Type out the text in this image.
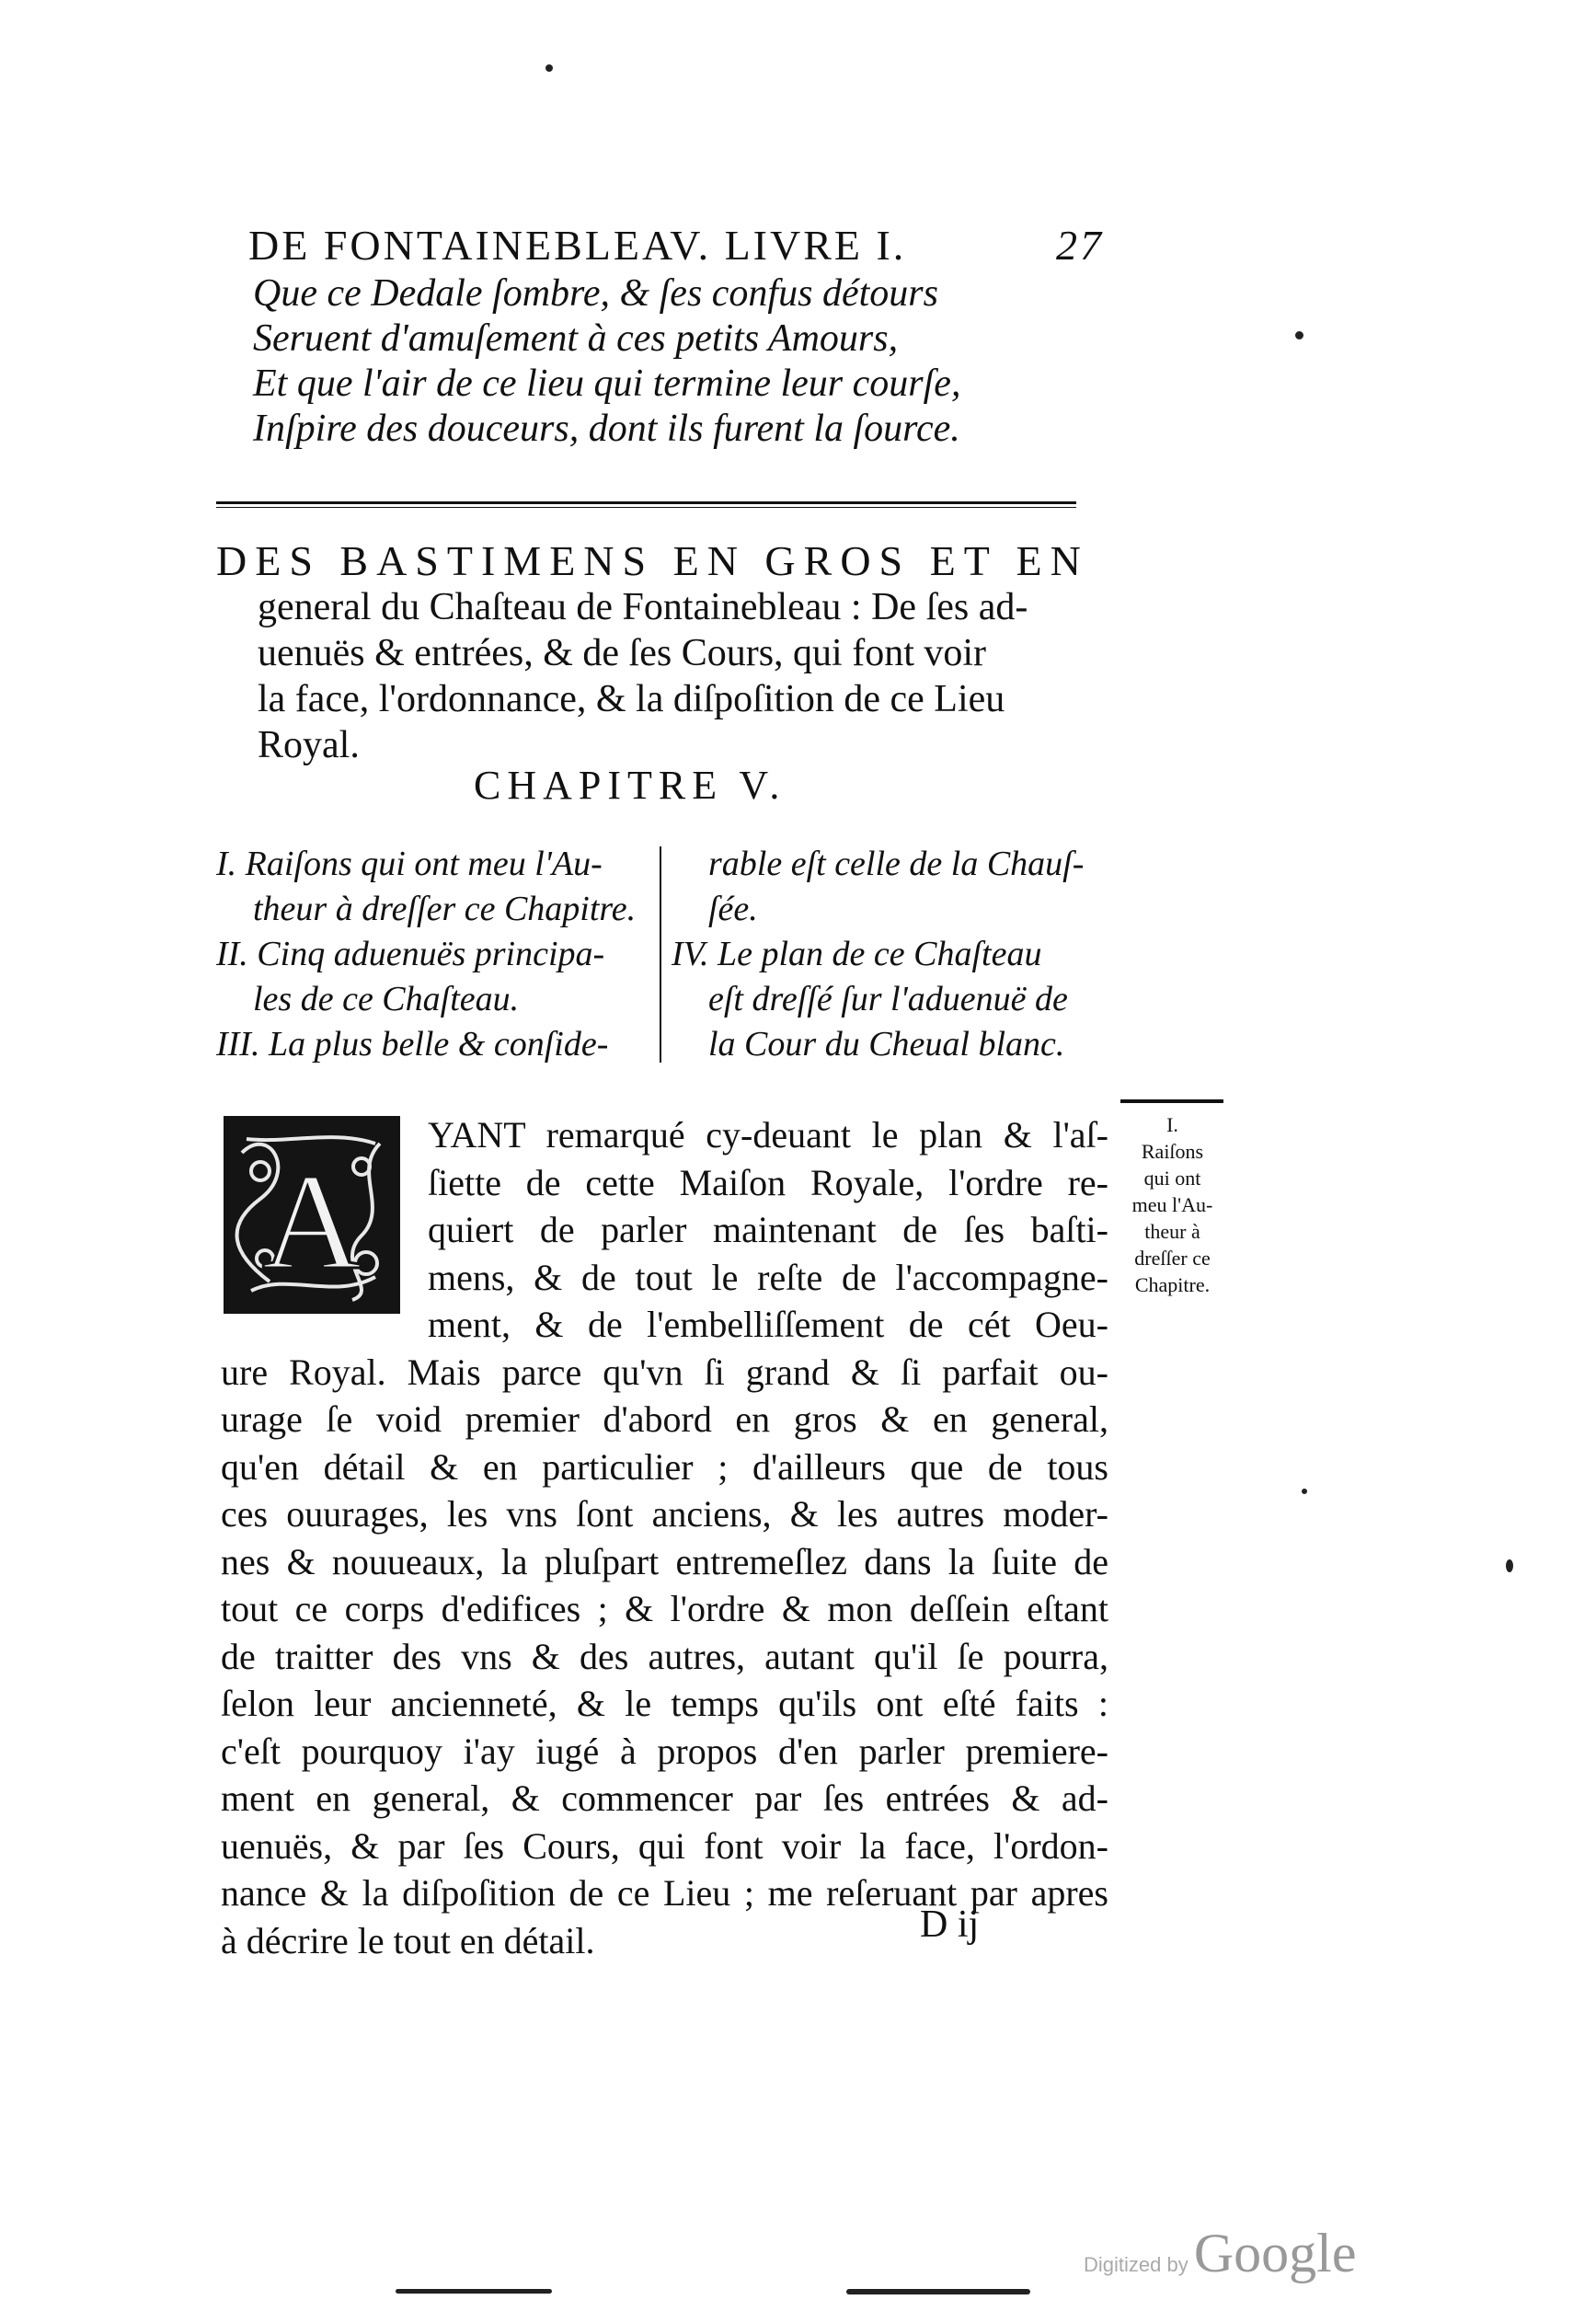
DE FONTAINEBLEAV. LIVRE I.	27
Que ce Dedale ſombre, & ſes confus détours
Seruent d'amuſement à ces petits Amours,
Et que l'air de ce lieu qui termine leur courſe,
Inſpire des douceurs, dont ils furent la ſource.
DES BASTIMENS EN GROS ET EN
general du Chaſteau de Fontainebleau : De ſes ad-
uenuës & entrées, & de ſes Cours, qui font voir
la face, l'ordonnance, & la diſpoſition de ce Lieu
Royal.
CHAPITRE V.
I. Raiſons qui ont meu l'Au-
theur à dreſſer ce Chapitre.
II. Cinq aduenuës principa-
les de ce Chaſteau.
III. La plus belle & conſide-
rable eſt celle de la Chauſ-
ſée.
IV. Le plan de ce Chaſteau
eſt dreſſé ſur l'aduenuë de
la Cour du Cheual blanc.
A
YANT remarqué cy-deuant le plan & l'aſ-
ſiette de cette Maiſon Royale, l'ordre re-
quiert de parler maintenant de ſes baſti-
mens, & de tout le reſte de l'accompagne-
ment, & de l'embelliſſement de cét Oeu-
ure Royal. Mais parce qu'vn ſi grand & ſi parfait ou-
urage ſe void premier d'abord en gros & en general,
qu'en détail & en particulier ; d'ailleurs que de tous
ces ouurages, les vns ſont anciens, & les autres moder-
nes & nouueaux, la pluſpart entremeſlez dans la ſuite de
tout ce corps d'edifices ; & l'ordre & mon deſſein eſtant
de traitter des vns & des autres, autant qu'il ſe pourra,
ſelon leur ancienneté, & le temps qu'ils ont eſté faits :
c'eſt pourquoy i'ay iugé à propos d'en parler premiere-
ment en general, & commencer par ſes entrées & ad-
uenuës, & par ſes Cours, qui font voir la face, l'ordon-
nance & la diſpoſition de ce Lieu ; me reſeruant par apres
à décrire le tout en détail.
I.
Raiſons
qui ont
meu l'Au-
theur à
dreſſer ce
Chapitre.
D ij
Digitized by Google
